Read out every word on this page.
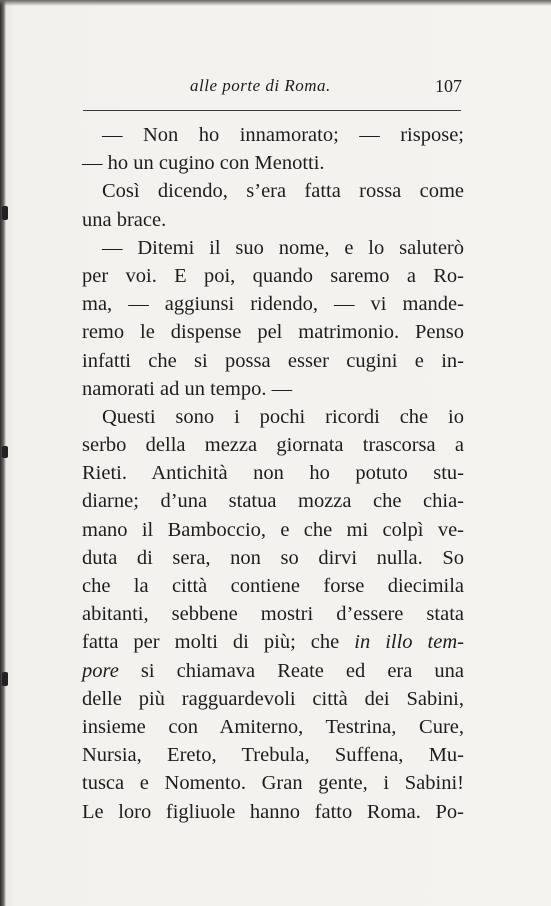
alle porte di Roma.	107
— Non ho innamorato; — rispose;
— ho un cugino con Menotti.
Così dicendo, s’era fatta rossa come
una brace.
— Ditemi il suo nome, e lo saluterò
per voi. E poi, quando saremo a Ro-
ma, — aggiunsi ridendo, — vi mande-
remo le dispense pel matrimonio. Penso
infatti che si possa esser cugini e in-
namorati ad un tempo. —
Questi sono i pochi ricordi che io
serbo della mezza giornata trascorsa a
Rieti. Antichità non ho potuto stu-
diarne; d’una statua mozza che chia-
mano il Bamboccio, e che mi colpì ve-
duta di sera, non so dirvi nulla. So
che la città contiene forse diecimila
abitanti, sebbene mostri d’essere stata
fatta per molti di più; che in illo tem-
pore si chiamava Reate ed era una
delle più ragguardevoli città dei Sabini,
insieme con Amiterno, Testrina, Cure,
Nursia, Ereto, Trebula, Suffena, Mu-
tusca e Nomento. Gran gente, i Sabini!
Le loro figliuole hanno fatto Roma. Po-
